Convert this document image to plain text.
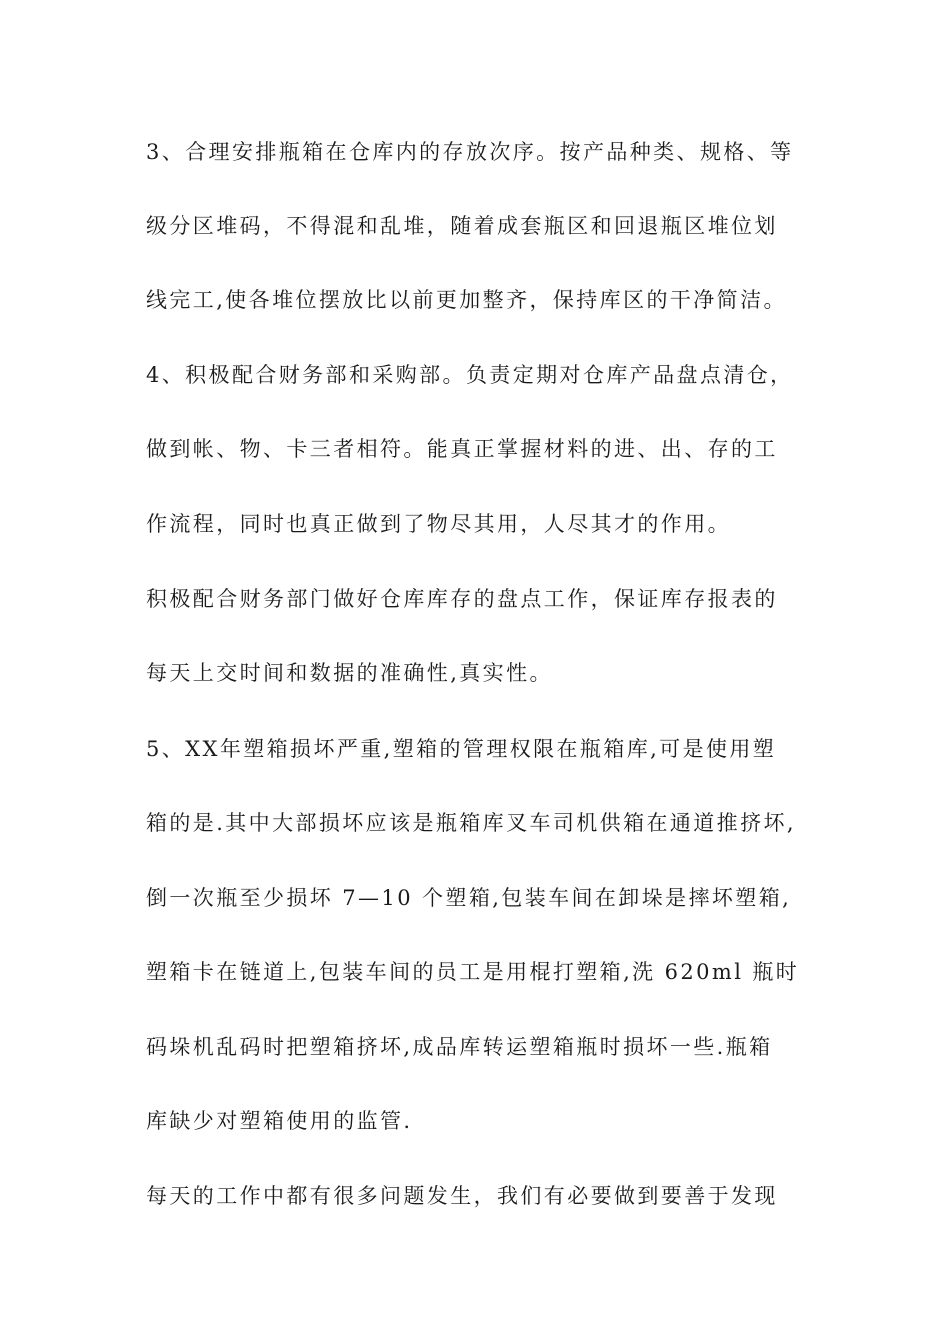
3、合理安排瓶箱在仓库内的存放次序。按产品种类、规格、等
级分区堆码，不得混和乱堆，随着成套瓶区和回退瓶区堆位划
线完工,使各堆位摆放比以前更加整齐，保持库区的干净简洁。
4、积极配合财务部和采购部。负责定期对仓库产品盘点清仓，
做到帐、物、卡三者相符。能真正掌握材料的进、出、存的工
作流程，同时也真正做到了物尽其用，人尽其才的作用。
积极配合财务部门做好仓库库存的盘点工作，保证库存报表的
每天上交时间和数据的准确性,真实性。
5、XX年塑箱损坏严重,塑箱的管理权限在瓶箱库,可是使用塑
箱的是.其中大部损坏应该是瓶箱库叉车司机供箱在通道推挤坏,
倒一次瓶至少损坏 7—10 个塑箱,包装车间在卸垛是摔坏塑箱,
塑箱卡在链道上,包装车间的员工是用棍打塑箱,洗 620ml 瓶时
码垛机乱码时把塑箱挤坏,成品库转运塑箱瓶时损坏一些.瓶箱
库缺少对塑箱使用的监管.
每天的工作中都有很多问题发生，我们有必要做到要善于发现
